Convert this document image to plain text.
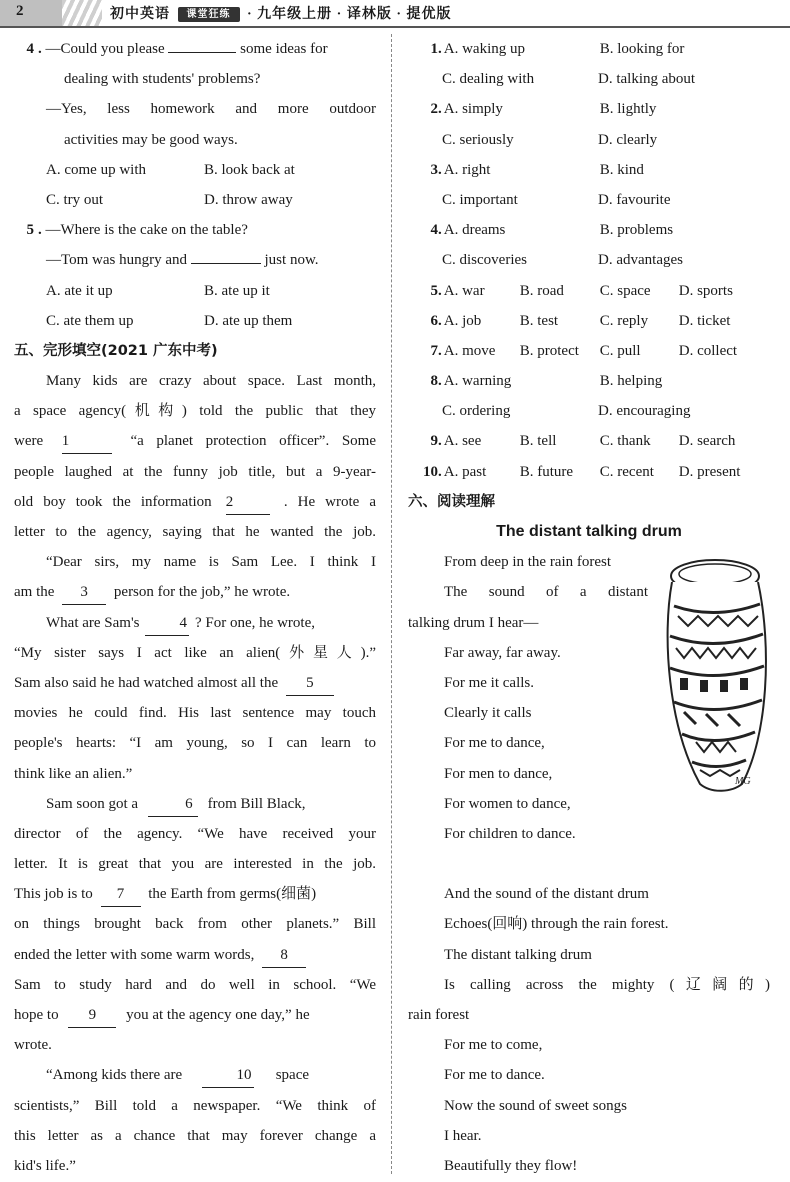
2	初中英语	课堂狂练	· 九年级上册 · 译林版 · 提优版
4 . —Could you please	some ideas for
dealing with students' problems?
—Yes, less homework and more outdoor
activities may be good ways.
A. come up with	B. look back at
C. try out	D. throw away
5 . —Where is the cake on the table?
—Tom was hungry and	just now.
A. ate it up	B. ate up it
C. ate them up	D. ate up them
五、完形填空(2021 广东中考)
Many kids are crazy about space. Last month,
a space agency(机构) told the public that they
were 1	“a planet protection officer”. Some
people laughed at the funny job title, but a 9-year-
old boy took the information 2	. He wrote a
letter to the agency, saying that he wanted the job.
“Dear sirs, my name is Sam Lee. I think I
am the 3 person for the job,” he wrote.
What are Sam's	4 ? For one, he wrote,
“My sister says I act like an alien(外星人).”
Sam also said he had watched almost all the 5
movies he could find. His last sentence may touch
people's hearts: “I am young, so I can learn to
think like an alien.”
Sam soon got a	6 from Bill Black,
director of the agency. “We have received your
letter. It is great that you are interested in the job.
This job is to 7 the Earth from germs(细菌)
on things brought back from other planets.” Bill
ended the letter with some warm words, 8
Sam to study hard and do well in school. “We
hope to 9 you at the agency one day,” he
wrote.
“Among kids there are	10 space
scientists,” Bill told a newspaper. “We think of
this letter as a chance that may forever change a
kid's life.”
1. A. waking up	B. looking for
C. dealing with	D. talking about
2. A. simply	B. lightly
C. seriously	D. clearly
3. A. right	B. kind
C. important	D. favourite
4. A. dreams	B. problems
C. discoveries	D. advantages
5. A. war B. road C. space D. sports
6. A. job	B. test	C. reply D. ticket
7. A. move B. protect C. pull	D. collect
8. A. warning	B. helping
C. ordering	D. encouraging
9. A. see	B. tell	C. thank D. search
10. A. past B. future C. recent D. present
六、阅读理解
The distant talking drum
From deep in the rain forest
The sound of a distant
talking drum I hear—
Far away, far away.
For me it calls.
Clearly it calls
For me to dance,
For men to dance,
For women to dance,
For children to dance.
And the sound of the distant drum
Echoes(回响) through the rain forest.
The distant talking drum
Is calling across the mighty (辽阔的)
rain forest
For me to come,
For me to dance.
Now the sound of sweet songs
I hear.
Beautifully they flow!
MG
